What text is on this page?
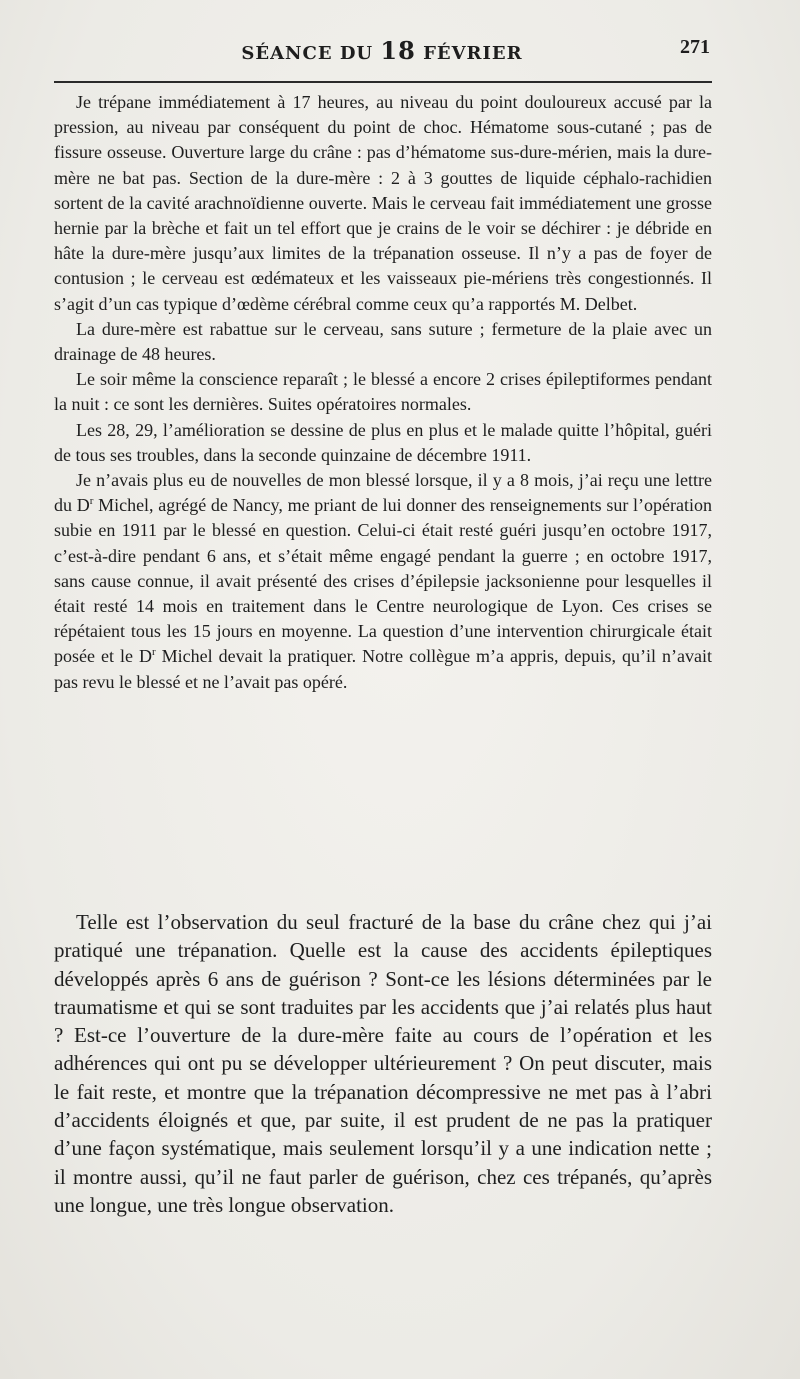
SÉANCE DU 18 FÉVRIER	271

Je trépane immédiatement à 17 heures, au niveau du point douloureux accusé par la pression, au niveau par conséquent du point de choc. Hématome sous-cutané ; pas de fissure osseuse. Ouverture large du crâne : pas d’hématome sus-dure-mérien, mais la dure-mère ne bat pas. Section de la dure-mère : 2 à 3 gouttes de liquide céphalo-rachidien sortent de la cavité arachnoïdienne ouverte. Mais le cerveau fait immédiatement une grosse hernie par la brèche et fait un tel effort que je crains de le voir se déchirer : je débride en hâte la dure-mère jusqu’aux limites de la trépanation osseuse. Il n’y a pas de foyer de contusion ; le cerveau est œdémateux et les vaisseaux pie-mériens très congestionnés. Il s’agit d’un cas typique d’œdème cérébral comme ceux qu’a rapportés M. Delbet.

La dure-mère est rabattue sur le cerveau, sans suture ; fermeture de la plaie avec un drainage de 48 heures.

Le soir même la conscience reparaît ; le blessé a encore 2 crises épileptiformes pendant la nuit : ce sont les dernières. Suites opératoires normales.

Les 28, 29, l’amélioration se dessine de plus en plus et le malade quitte l’hôpital, guéri de tous ses troubles, dans la seconde quinzaine de décembre 1911.

Je n’avais plus eu de nouvelles de mon blessé lorsque, il y a 8 mois, j’ai reçu une lettre du $D^r$ Michel, agrégé de Nancy, me priant de lui donner des renseignements sur l’opération subie en 1911 par le blessé en question. Celui-ci était resté guéri jusqu’en octobre 1917, c’est-à-dire pendant 6 ans, et s’était même engagé pendant la guerre ; en octobre 1917, sans cause connue, il avait présenté des crises d’épilepsie jacksonienne pour lesquelles il était resté 14 mois en traitement dans le Centre neurologique de Lyon. Ces crises se répétaient tous les 15 jours en moyenne. La question d’une intervention chirurgicale était posée et le $D^r$ Michel devait la pratiquer. Notre collègue m’a appris, depuis, qu’il n’avait pas revu le blessé et ne l’avait pas opéré.

Telle est l’observation du seul fracturé de la base du crâne chez qui j’ai pratiqué une trépanation. Quelle est la cause des accidents épileptiques développés après 6 ans de guérison ? Sont-ce les lésions déterminées par le traumatisme et qui se sont traduites par les accidents que j’ai relatés plus haut ? Est-ce l’ouverture de la dure-mère faite au cours de l’opération et les adhérences qui ont pu se développer ultérieurement ? On peut discuter, mais le fait reste, et montre que la trépanation décompressive ne met pas à l’abri d’accidents éloignés et que, par suite, il est prudent de ne pas la pratiquer d’une façon systématique, mais seulement lorsqu’il y a une indication nette ; il montre aussi, qu’il ne faut parler de guérison, chez ces trépanés, qu’après une longue, une très longue observation.
